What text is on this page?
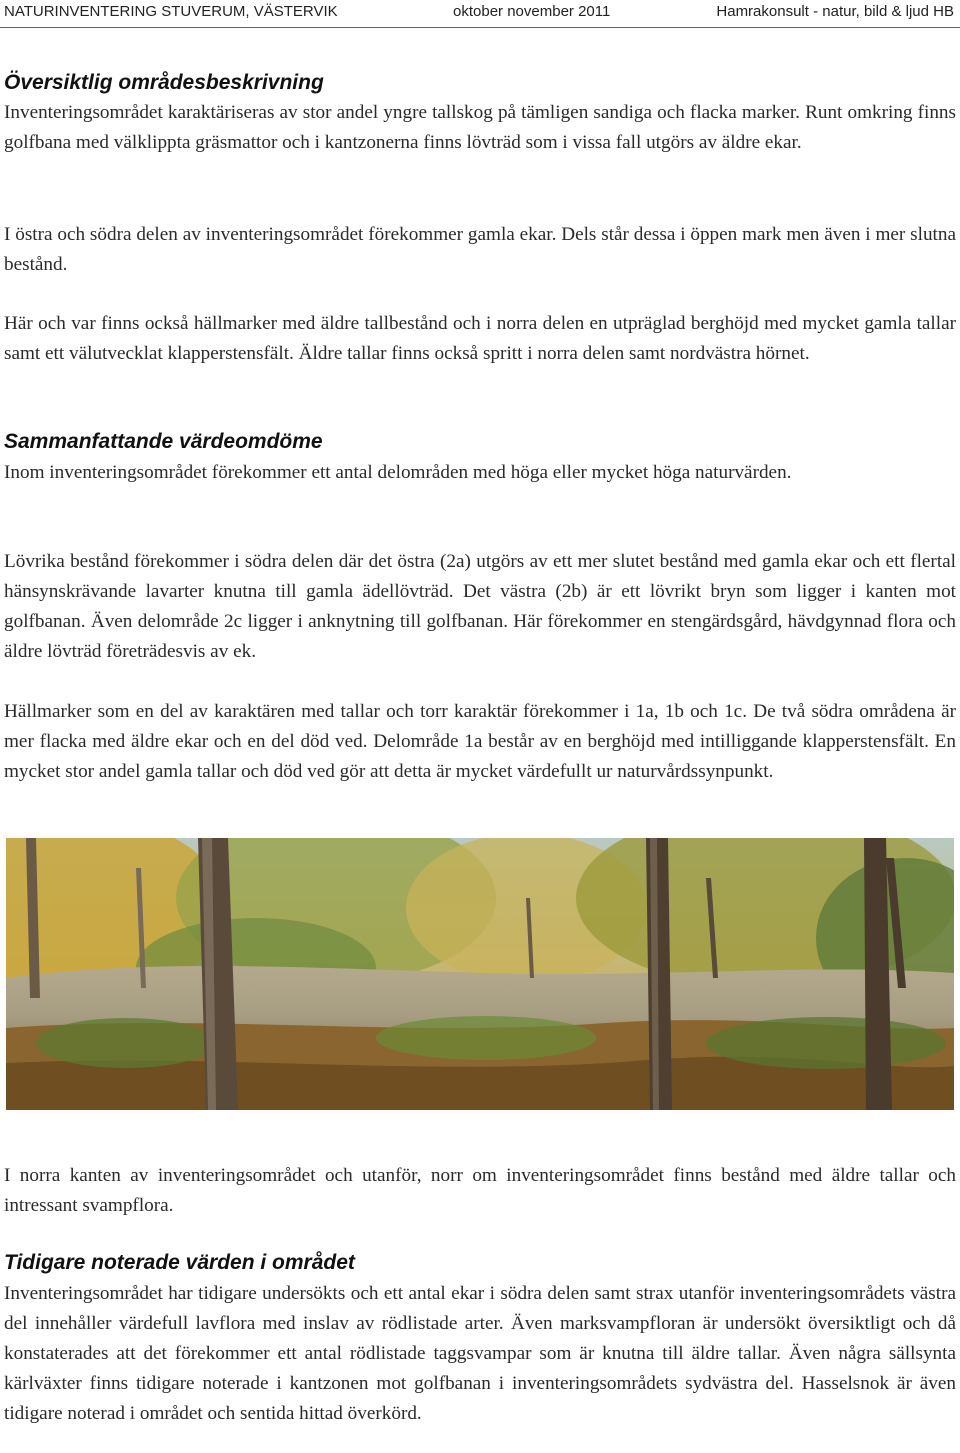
NATURINVENTERING STUVERUM, VÄSTERVIK	oktober november 2011	Hamrakonsult - natur, bild & ljud HB
Översiktlig områdesbeskrivning

Inventeringsområdet karaktäriseras av stor andel yngre tallskog på tämligen sandiga och flacka marker. Runt omkring finns golfbana med välklippta gräsmattor och i kantzonerna finns lövträd som i vissa fall utgörs av äldre ekar.

I östra och södra delen av inventeringsområdet förekommer gamla ekar. Dels står dessa i öppen mark men även i mer slutna bestånd.

Här och var finns också hällmarker med äldre tallbestånd och i norra delen en utpräglad berghöjd med mycket gamla tallar samt ett välutvecklat klapperstensfält. Äldre tallar finns också spritt i norra delen samt nordvästra hörnet.

Sammanfattande värdeomdöme

Inom inventeringsområdet förekommer ett antal delområden med höga eller mycket höga naturvärden.

Lövrika bestånd förekommer i södra delen där det östra (2a) utgörs av ett mer slutet bestånd med gamla ekar och ett flertal hänsynskrävande lavarter knutna till gamla ädellövträd. Det västra (2b) är ett lövrikt bryn som ligger i kanten mot golfbanan. Även delområde 2c ligger i anknytning till golfbanan. Här förekommer en stengärdsgård, hävdgynnad flora och äldre lövträd företrädesvis av ek.

Hällmarker som en del av karaktären med tallar och torr karaktär förekommer i 1a, 1b och 1c. De två södra områdena är mer flacka med äldre ekar och en del död ved. Delområde 1a består av en berghöjd med intilliggande klapperstensfält. En mycket stor andel gamla tallar och död ved gör att detta är mycket värdefullt ur naturvårdssynpunkt.

I norra kanten av inventeringsområdet och utanför, norr om inventeringsområdet finns bestånd med äldre tallar och intressant svampflora.

Tidigare noterade värden i området

Inventeringsområdet har tidigare undersökts och ett antal ekar i södra delen samt strax utanför inventeringsområdets västra del innehåller värdefull lavflora med inslav av rödlistade arter. Även marksvampfloran är undersökt översiktligt och då konstaterades att det förekommer ett antal rödlistade taggsvampar som är knutna till äldre tallar. Även några sällsynta kärlväxter finns tidigare noterade i kantzonen mot golfbanan i inventeringsområdets sydvästra del. Hasselsnok är även tidigare noterad i området och sentida hittad överkörd.
